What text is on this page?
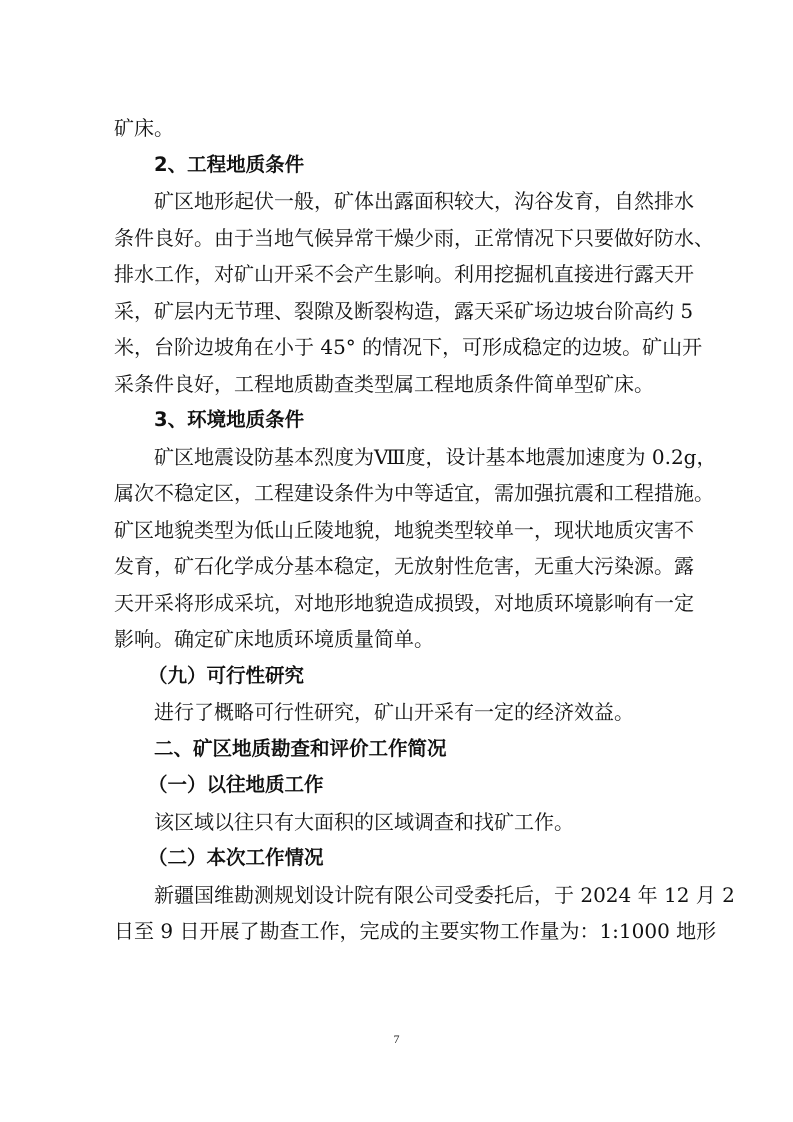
矿床。
2、工程地质条件
矿区地形起伏一般，矿体出露面积较大，沟谷发育，自然排水
条件良好。由于当地气候异常干燥少雨，正常情况下只要做好防水、
排水工作，对矿山开采不会产生影响。利用挖掘机直接进行露天开
采，矿层内无节理、裂隙及断裂构造，露天采矿场边坡台阶高约 5
米，台阶边坡角在小于 45° 的情况下，可形成稳定的边坡。矿山开
采条件良好，工程地质勘查类型属工程地质条件简单型矿床。
3、环境地质条件
矿区地震设防基本烈度为Ⅷ度，设计基本地震加速度为 0.2g，
属次不稳定区，工程建设条件为中等适宜，需加强抗震和工程措施。
矿区地貌类型为低山丘陵地貌，地貌类型较单一，现状地质灾害不
发育，矿石化学成分基本稳定，无放射性危害，无重大污染源。露
天开采将形成采坑，对地形地貌造成损毁，对地质环境影响有一定
影响。确定矿床地质环境质量简单。
（九）可行性研究
进行了概略可行性研究，矿山开采有一定的经济效益。
二、矿区地质勘查和评价工作简况
（一）以往地质工作
该区域以往只有大面积的区域调查和找矿工作。
（二）本次工作情况
新疆国维勘测规划设计院有限公司受委托后，于 2024 年 12 月 2
日至 9 日开展了勘查工作，完成的主要实物工作量为：1:1000 地形
7
